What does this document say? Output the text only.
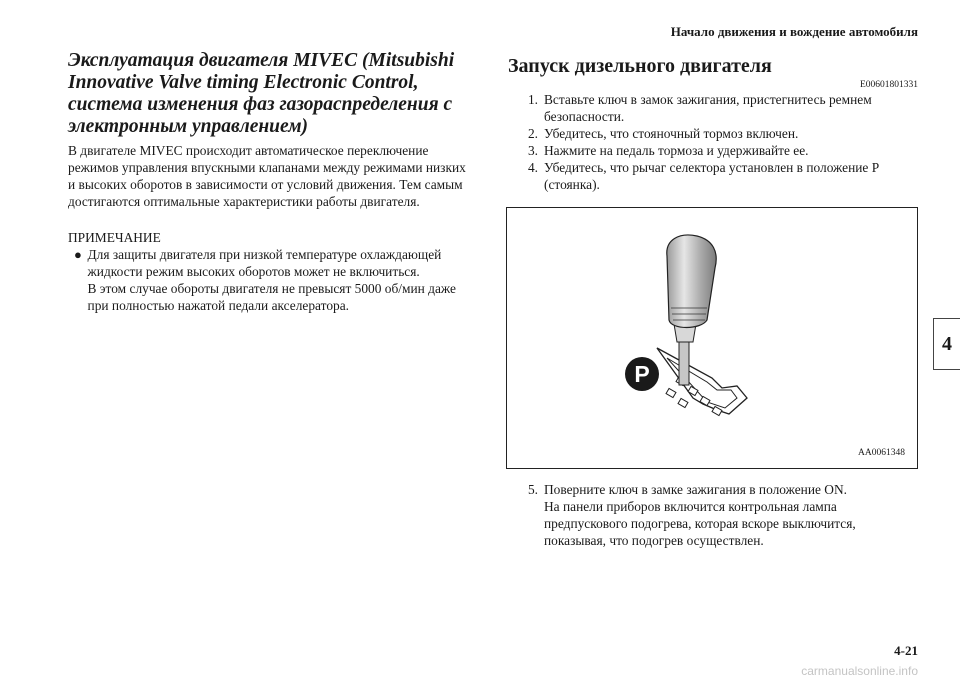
Начало движения и вождение автомобиля
4
Эксплуатация двигателя MIVEC (Mitsubishi Innovative Valve timing Electronic Control, система изменения фаз газораспределения с электронным управлением)
В двигателе MIVEC происходит автоматическое переключение режимов управления впускными клапанами между режимами низких и высоких оборотов в зависимости от условий движения. Тем самым достигаются оптимальные характеристики работы двигателя.
ПРИМЕЧАНИЕ
● Для защиты двигателя при низкой температуре охлаждающей жидкости режим высоких оборотов может не включиться.

В этом случае обороты двигателя не превысят 5000 об/мин даже при полностью нажатой педали акселератора.

Запуск дизельного двигателя
E00601801331
1. Вставьте ключ в замок зажигания, пристегнитесь ремнем безопасности.
2. Убедитесь, что стояночный тормоз включен.
3. Нажмите на педаль тормоза и удерживайте ее.
4. Убедитесь, что рычаг селектора установлен в положение P (стоянка).
P
AA0061348
5. Поверните ключ в замке зажигания в положение ON.

На панели приборов включится контрольная лампа предпускового подогрева, которая вскоре выключится, показывая, что подогрев осуществлен.

4-21
carmanualsonline.info
